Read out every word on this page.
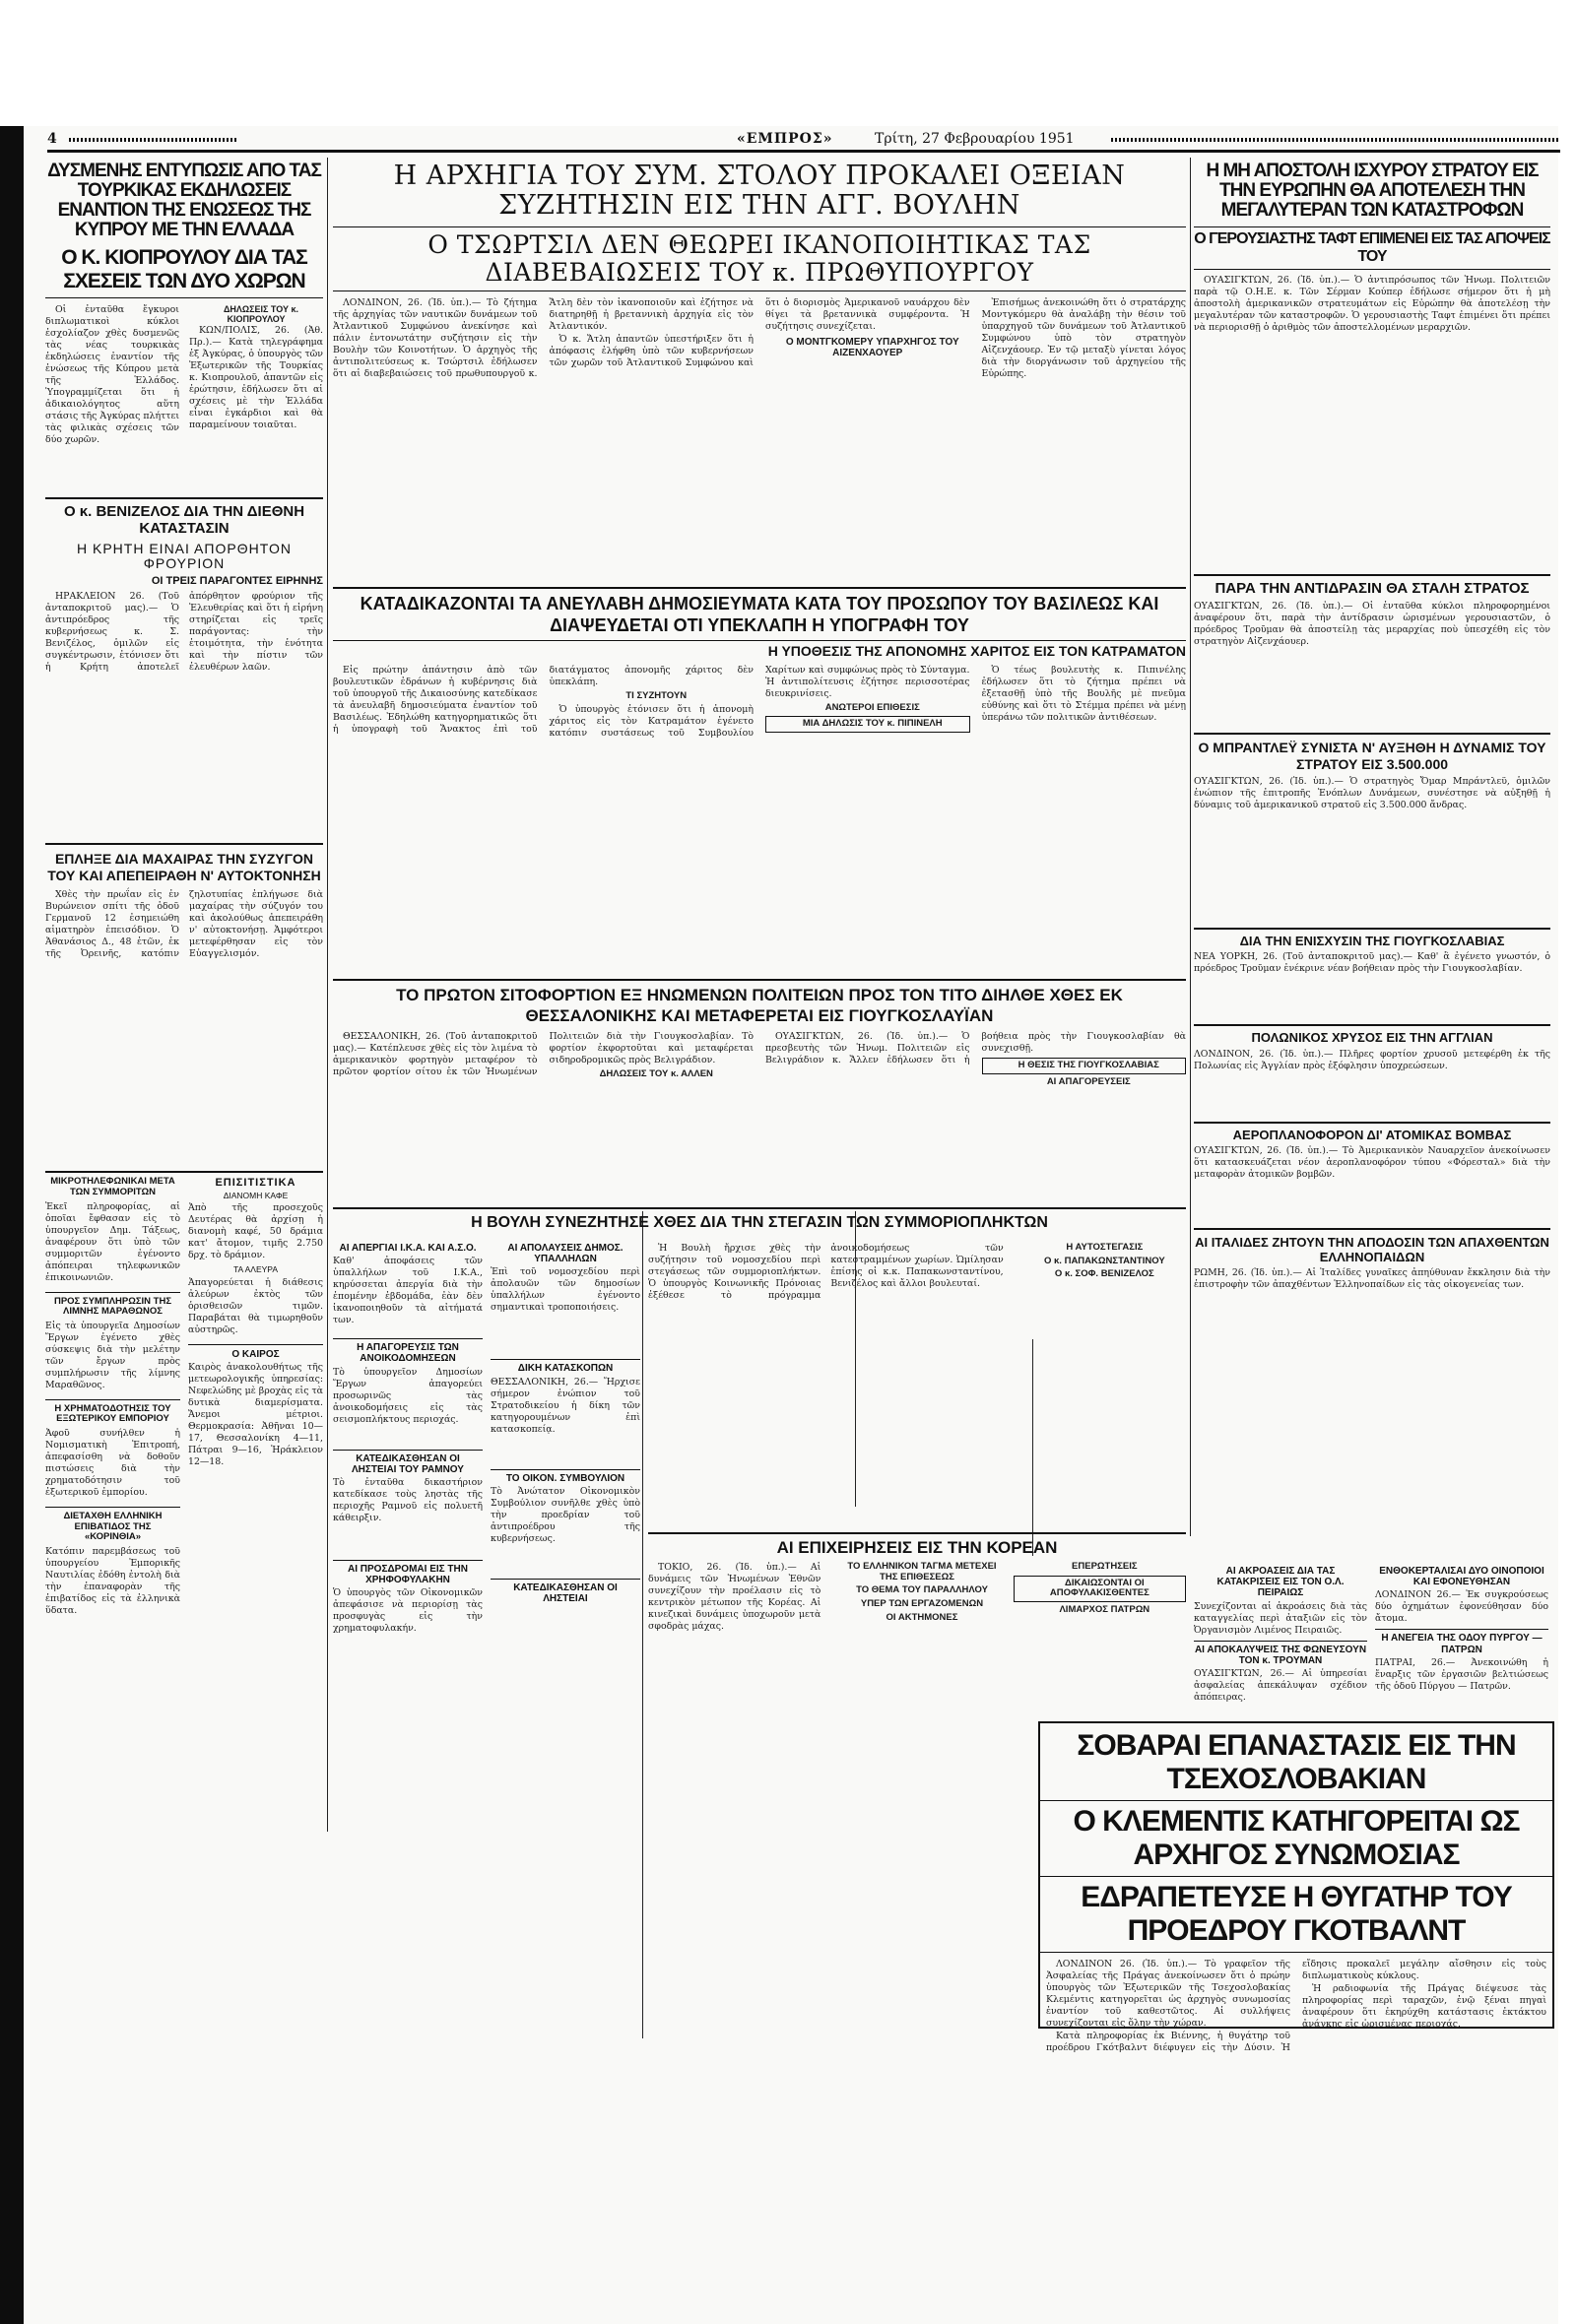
4	«ΕΜΠΡΟΣ»	Τρίτη, 27 Φεβρουαρίου 1951
ΔΥΣΜΕΝΗΣ ΕΝΤΥΠΩΣΙΣ ΑΠΟ ΤΑΣ ΤΟΥΡΚΙΚΑΣ ΕΚΔΗΛΩΣΕΙΣ ΕΝΑΝΤΙΟΝ ΤΗΣ ΕΝΩΣΕΩΣ ΤΗΣ ΚΥΠΡΟΥ ΜΕ ΤΗΝ ΕΛΛΑΔΑ
Ο Κ. ΚΙΟΠΡΟΥΛΟΥ ΔΙΑ ΤΑΣ ΣΧΕΣΕΙΣ ΤΩΝ ΔΥΟ ΧΩΡΩΝ

Οἱ ἐνταῦθα ἔγκυροι διπλωματικοὶ κύκλοι ἐσχολίαζον χθὲς δυσμενῶς τὰς νέας τουρκικὰς ἐκδηλώσεις ἐναντίον τῆς ἑνώσεως τῆς Κύπρου μετὰ τῆς Ἑλλάδος. Ὑπογραμμίζεται ὅτι ἡ ἀδικαιολόγητος αὕτη στάσις τῆς Ἀγκύρας πλήττει τὰς φιλικὰς σχέσεις τῶν δύο χωρῶν.

ΔΗΛΩΣΕΙΣ ΤΟΥ κ. ΚΙΟΠΡΟΥΛΟΥ

ΚΩΝ/ΠΟΛΙΣ, 26. (Ἀθ. Πρ.).— Κατὰ τηλεγράφημα ἐξ Ἀγκύρας, ὁ ὑπουργὸς τῶν Ἐξωτερικῶν τῆς Τουρκίας κ. Κιοπρουλοῦ, ἀπαντῶν εἰς ἐρώτησιν, ἐδήλωσεν ὅτι αἱ σχέσεις μὲ τὴν Ἑλλάδα εἶναι ἐγκάρδιοι καὶ θὰ παραμείνουν τοιαῦται.

Ο κ. ΒΕΝΙΖΕΛΟΣ ΔΙΑ ΤΗΝ ΔΙΕΘΝΗ ΚΑΤΑΣΤΑΣΙΝ
Η ΚΡΗΤΗ ΕΙΝΑΙ ΑΠΟΡΘΗΤΟΝ ΦΡΟΥΡΙΟΝ
ΟΙ ΤΡΕΙΣ ΠΑΡΑΓΟΝΤΕΣ ΕΙΡΗΝΗΣ

ΗΡΑΚΛΕΙΟΝ 26. (Τοῦ ἀνταποκριτοῦ μας).— Ὁ ἀντιπρόεδρος τῆς κυβερνήσεως κ. Σ. Βενιζέλος, ὁμιλῶν εἰς συγκέντρωσιν, ἐτόνισεν ὅτι ἡ Κρήτη ἀποτελεῖ ἀπόρθητον φρούριον τῆς Ἐλευθερίας καὶ ὅτι ἡ εἰρήνη στηρίζεται εἰς τρεῖς παράγοντας: τὴν ἑτοιμότητα, τὴν ἑνότητα καὶ τὴν πίστιν τῶν ἐλευθέρων λαῶν.

ΕΠΛΗΞΕ ΔΙΑ ΜΑΧΑΙΡΑΣ ΤΗΝ ΣΥΖΥΓΟΝ ΤΟΥ ΚΑΙ ΑΠΕΠΕΙΡΑΘΗ Ν' ΑΥΤΟΚΤΟΝΗΣΗ

Χθὲς τὴν πρωΐαν εἰς ἐν Βυρώνειον σπίτι τῆς ὁδοῦ Γερμανοῦ 12 ἐσημειώθη αἱματηρὸν ἐπεισόδιον. Ὁ Ἀθανάσιος Δ., 48 ἐτῶν, ἐκ τῆς Ὀρεινῆς, κατόπιν ζηλοτυπίας ἐπλήγωσε διὰ μαχαίρας τὴν σύζυγόν του καὶ ἀκολούθως ἀπεπειράθη ν' αὐτοκτονήσῃ. Ἀμφότεροι μετεφέρθησαν εἰς τὸν Εὐαγγελισμόν.

ΜΙΚΡΟΤΗΛΕΦΩΝΙΚΑΙ ΜΕΤΑ ΤΩΝ ΣΥΜΜΟΡΙΤΩΝ
Ἐκεῖ πληροφορίας, αἱ ὁποῖαι ἔφθασαν εἰς τὸ ὑπουργεῖον Δημ. Τάξεως, ἀναφέρουν ὅτι ὑπὸ τῶν συμμοριτῶν ἐγένοντο ἀπόπειραι τηλεφωνικῶν ἐπικοινωνιῶν.
ΠΡΟΣ ΣΥΜΠΛΗΡΩΣΙΝ ΤΗΣ ΛΙΜΝΗΣ ΜΑΡΑΘΩΝΟΣ
Εἰς τὰ ὑπουργεῖα Δημοσίων Ἔργων ἐγένετο χθὲς σύσκεψις διὰ τὴν μελέτην τῶν ἔργων πρὸς συμπλήρωσιν τῆς λίμνης Μαραθῶνος.
Η ΧΡΗΜΑΤΟΔΟΤΗΣΙΣ ΤΟΥ ΕΞΩΤΕΡΙΚΟΥ ΕΜΠΟΡΙΟΥ
Ἀφοῦ συνήλθεν ἡ Νομισματικὴ Ἐπιτροπή, ἀπεφασίσθη νὰ δοθοῦν πιστώσεις διὰ τὴν χρηματοδότησιν τοῦ ἐξωτερικοῦ ἐμπορίου.
ΔΙΕΤΑΧΘΗ ΕΛΛΗΝΙΚΗ ΕΠΙΒΑΤΙΔΟΣ ΤΗΣ «ΚΟΡΙΝΘΙΑ»
Κατόπιν παρεμβάσεως τοῦ ὑπουργείου Ἐμπορικῆς Ναυτιλίας ἐδόθη ἐντολὴ διὰ τὴν ἐπαναφορὰν τῆς ἐπιβατίδος εἰς τὰ ἑλληνικὰ ὕδατα.
ΕΠΙΣΙΤΙΣΤΙΚΑ
ΔΙΑΝΟΜΗ ΚΑΦΕ
Ἀπὸ τῆς προσεχοῦς Δευτέρας θὰ ἀρχίσῃ ἡ διανομὴ καφέ, 50 δράμια κατ' ἄτομον, τιμῆς 2.750 δρχ. τὸ δράμιον.
ΤΑ ΑΛΕΥΡΑ
Ἀπαγορεύεται ἡ διάθεσις ἀλεύρων ἐκτὸς τῶν ὁρισθεισῶν τιμῶν. Παραβάται θὰ τιμωρηθοῦν αὐστηρῶς.
Ο ΚΑΙΡΟΣ
Καιρὸς ἀνακολουθήτως τῆς μετεωρολογικῆς ὑπηρεσίας: Νεφελώδης μὲ βροχὰς εἰς τὰ δυτικὰ διαμερίσματα. Ἄνεμοι μέτριοι. Θερμοκρασία: Ἀθῆναι 10—17, Θεσσαλονίκη 4—11, Πάτραι 9—16, Ἡράκλειον 12—18.
Η ΑΡΧΗΓΙΑ ΤΟΥ ΣΥΜ. ΣΤΟΛΟΥ ΠΡΟΚΑΛΕΙ ΟΞΕΙΑΝ ΣΥΖΗΤΗΣΙΝ ΕΙΣ ΤΗΝ ΑΓΓ. ΒΟΥΛΗΝ
Ο ΤΣΩΡΤΣΙΛ ΔΕΝ ΘΕΩΡΕΙ ΙΚΑΝΟΠΟΙΗΤΙΚΑΣ ΤΑΣ ΔΙΑΒΕΒΑΙΩΣΕΙΣ ΤΟΥ κ. ΠΡΩΘΥΠΟΥΡΓΟΥ

ΛΟΝΔΙΝΟΝ, 26. (Ἰδ. ὑπ.).— Τὸ ζήτημα τῆς ἀρχηγίας τῶν ναυτικῶν δυνάμεων τοῦ Ἀτλαντικοῦ Συμφώνου ἀνεκίνησε καὶ πάλιν ἐντονωτάτην συζήτησιν εἰς τὴν Βουλὴν τῶν Κοινοτήτων. Ὁ ἀρχηγὸς τῆς ἀντιπολιτεύσεως κ. Τσώρτσιλ ἐδήλωσεν ὅτι αἱ διαβεβαιώσεις τοῦ πρωθυπουργοῦ κ. Ἄτλη δὲν τὸν ἱκανοποιοῦν καὶ ἐζήτησε νὰ διατηρηθῇ ἡ βρεταννικὴ ἀρχηγία εἰς τὸν Ἀτλαντικόν.

Ὁ κ. Ἄτλη ἀπαντῶν ὑπεστήριξεν ὅτι ἡ ἀπόφασις ἐλήφθη ὑπὸ τῶν κυβερνήσεων τῶν χωρῶν τοῦ Ἀτλαντικοῦ Συμφώνου καὶ ὅτι ὁ διορισμὸς Ἀμερικανοῦ ναυάρχου δὲν θίγει τὰ βρεταννικὰ συμφέροντα. Ἡ συζήτησις συνεχίζεται.

Ο ΜΟΝΤΓΚΟΜΕΡΥ ΥΠΑΡΧΗΓΟΣ ΤΟΥ ΑΙΖΕΝΧΑΟΥΕΡ

Ἐπισήμως ἀνεκοινώθη ὅτι ὁ στρατάρχης Μοντγκόμερυ θὰ ἀναλάβῃ τὴν θέσιν τοῦ ὑπαρχηγοῦ τῶν δυνάμεων τοῦ Ἀτλαντικοῦ Συμφώνου ὑπὸ τὸν στρατηγὸν Αἰζενχάουερ. Ἐν τῷ μεταξὺ γίνεται λόγος διὰ τὴν διοργάνωσιν τοῦ ἀρχηγείου τῆς Εὐρώπης.

Η ΜΗ ΑΠΟΣΤΟΛΗ ΙΣΧΥΡΟΥ ΣΤΡΑΤΟΥ ΕΙΣ ΤΗΝ ΕΥΡΩΠΗΝ ΘΑ ΑΠΟΤΕΛΕΣΗ ΤΗΝ ΜΕΓΑΛΥΤΕΡΑΝ ΤΩΝ ΚΑΤΑΣΤΡΟΦΩΝ
Ο ΓΕΡΟΥΣΙΑΣΤΗΣ ΤΑΦΤ ΕΠΙΜΕΝΕΙ ΕΙΣ ΤΑΣ ΑΠΟΨΕΙΣ ΤΟΥ

ΟΥΑΣΙΓΚΤΩΝ, 26. (Ἰδ. ὑπ.).— Ὁ ἀντιπρόσωπος τῶν Ἡνωμ. Πολιτειῶν παρὰ τῷ Ο.Η.Ε. κ. Τῶν Σέρμαν Κούπερ ἐδήλωσε σήμερον ὅτι ἡ μὴ ἀποστολὴ ἀμερικανικῶν στρατευμάτων εἰς Εὐρώπην θὰ ἀποτελέσῃ τὴν μεγαλυτέραν τῶν καταστροφῶν. Ὁ γερουσιαστὴς Ταφτ ἐπιμένει ὅτι πρέπει νὰ περιορισθῇ ὁ ἀριθμὸς τῶν ἀποστελλομένων μεραρχιῶν.

ΠΑΡΑ ΤΗΝ ΑΝΤΙΔΡΑΣΙΝ ΘΑ ΣΤΑΛΗ ΣΤΡΑΤΟΣ
ΟΥΑΣΙΓΚΤΩΝ, 26. (Ἰδ. ὑπ.).— Οἱ ἐνταῦθα κύκλοι πληροφορημένοι ἀναφέρουν ὅτι, παρὰ τὴν ἀντίδρασιν ὡρισμένων γερουσιαστῶν, ὁ πρόεδρος Τροῦμαν θὰ ἀποστείλῃ τὰς μεραρχίας ποὺ ὑπεσχέθη εἰς τὸν στρατηγὸν Αἰζενχάουερ.
Ο ΜΠΡΑΝΤΛΕΫ ΣΥΝΙΣΤΑ Ν' ΑΥΞΗΘΗ Η ΔΥΝΑΜΙΣ ΤΟΥ ΣΤΡΑΤΟΥ ΕΙΣ 3.500.000
ΟΥΑΣΙΓΚΤΩΝ, 26. (Ἰδ. ὑπ.).— Ὁ στρατηγὸς Ὄμαρ Μπράντλεϋ, ὁμιλῶν ἐνώπιον τῆς ἐπιτροπῆς Ἐνόπλων Δυνάμεων, συνέστησε νὰ αὐξηθῇ ἡ δύναμις τοῦ ἀμερικανικοῦ στρατοῦ εἰς 3.500.000 ἄνδρας.
ΔΙΑ ΤΗΝ ΕΝΙΣΧΥΣΙΝ ΤΗΣ ΓΙΟΥΓΚΟΣΛΑΒΙΑΣ
ΝΕΑ ΥΟΡΚΗ, 26. (Τοῦ ἀνταποκριτοῦ μας).— Καθ' ἃ ἐγένετο γνωστόν, ὁ πρόεδρος Τροῦμαν ἐνέκρινε νέαν βοήθειαν πρὸς τὴν Γιουγκοσλαβίαν.
ΠΟΛΩΝΙΚΟΣ ΧΡΥΣΟΣ ΕΙΣ ΤΗΝ ΑΓΓΛΙΑΝ
ΛΟΝΔΙΝΟΝ, 26. (Ἰδ. ὑπ.).— Πλῆρες φορτίον χρυσοῦ μετεφέρθη ἐκ τῆς Πολωνίας εἰς Ἀγγλίαν πρὸς ἐξόφλησιν ὑποχρεώσεων.
ΑΕΡΟΠΛΑΝΟΦΟΡΟΝ ΔΙ' ΑΤΟΜΙΚΑΣ ΒΟΜΒΑΣ
ΟΥΑΣΙΓΚΤΩΝ, 26. (Ἰδ. ὑπ.).— Τὸ Ἀμερικανικὸν Ναυαρχεῖον ἀνεκοίνωσεν ὅτι κατασκευάζεται νέον ἀεροπλανοφόρον τύπου «Φόρεσταλ» διὰ τὴν μεταφορὰν ἀτομικῶν βομβῶν.
ΑΙ ΙΤΑΛΙΔΕΣ ΖΗΤΟΥΝ ΤΗΝ ΑΠΟΔΟΣΙΝ ΤΩΝ ΑΠΑΧΘΕΝΤΩΝ ΕΛΛΗΝΟΠΑΙΔΩΝ
ΡΩΜΗ, 26. (Ἰδ. ὑπ.).— Αἱ Ἰταλίδες γυναῖκες ἀπηύθυναν ἔκκλησιν διὰ τὴν ἐπιστροφὴν τῶν ἀπαχθέντων Ἑλληνοπαίδων εἰς τὰς οἰκογενείας των.
ΚΑΤΑΔΙΚΑΖΟΝΤΑΙ ΤΑ ΑΝΕΥΛΑΒΗ ΔΗΜΟΣΙΕΥΜΑΤΑ ΚΑΤΑ ΤΟΥ ΠΡΟΣΩΠΟΥ ΤΟΥ ΒΑΣΙΛΕΩΣ ΚΑΙ ΔΙΑΨΕΥΔΕΤΑΙ ΟΤΙ ΥΠΕΚΛΑΠΗ Η ΥΠΟΓΡΑΦΗ ΤΟΥ
Η ΥΠΟΘΕΣΙΣ ΤΗΣ ΑΠΟΝΟΜΗΣ ΧΑΡΙΤΟΣ ΕΙΣ ΤΟΝ ΚΑΤΡΑΜΑΤΟΝ

Εἰς πρώτην ἀπάντησιν ἀπὸ τῶν βουλευτικῶν ἐδράνων ἡ κυβέρνησις διὰ τοῦ ὑπουργοῦ τῆς Δικαιοσύνης κατεδίκασε τὰ ἀνευλαβῆ δημοσιεύματα ἐναντίον τοῦ Βασιλέως. Ἐδηλώθη κατηγορηματικῶς ὅτι ἡ ὑπογραφὴ τοῦ Ἄνακτος ἐπὶ τοῦ διατάγματος ἀπονομῆς χάριτος δὲν ὑπεκλάπη.

ΤΙ ΣΥΖΗΤΟΥΝ

Ὁ ὑπουργὸς ἐτόνισεν ὅτι ἡ ἀπονομὴ χάριτος εἰς τὸν Κατραμάτον ἐγένετο κατόπιν συστάσεως τοῦ Συμβουλίου Χαρίτων καὶ συμφώνως πρὸς τὸ Σύνταγμα. Ἡ ἀντιπολίτευσις ἐζήτησε περισσοτέρας διευκρινίσεις.

ΑΝΩΤΕΡΟΙ ΕΠΙΘΕΣΙΣ

ΜΙΑ ΔΗΛΩΣΙΣ ΤΟΥ κ. ΠΙΠΙΝΕΛΗ

Ὁ τέως βουλευτὴς κ. Πιπινέλης ἐδήλωσεν ὅτι τὸ ζήτημα πρέπει νὰ ἐξετασθῇ ὑπὸ τῆς Βουλῆς μὲ πνεῦμα εὐθύνης καὶ ὅτι τὸ Στέμμα πρέπει νὰ μένῃ ὑπεράνω τῶν πολιτικῶν ἀντιθέσεων.

ΤΟ ΠΡΩΤΟΝ ΣΙΤΟΦΟΡΤΙΟΝ ΕΞ ΗΝΩΜΕΝΩΝ ΠΟΛΙΤΕΙΩΝ ΠΡΟΣ ΤΟΝ ΤΙΤΟ ΔΙΗΛΘΕ ΧΘΕΣ ΕΚ ΘΕΣΣΑΛΟΝΙΚΗΣ ΚΑΙ ΜΕΤΑΦΕΡΕΤΑΙ ΕΙΣ ΓΙΟΥΓΚΟΣΛΑΥΪΑΝ

ΘΕΣΣΑΛΟΝΙΚΗ, 26. (Τοῦ ἀνταποκριτοῦ μας).— Κατέπλευσε χθὲς εἰς τὸν λιμένα τὸ ἀμερικανικὸν φορτηγὸν μεταφέρον τὸ πρῶτον φορτίον σίτου ἐκ τῶν Ἡνωμένων Πολιτειῶν διὰ τὴν Γιουγκοσλαβίαν. Τὸ φορτίον ἐκφορτοῦται καὶ μεταφέρεται σιδηροδρομικῶς πρὸς Βελιγράδιον.

ΔΗΛΩΣΕΙΣ ΤΟΥ κ. ΑΛΛΕΝ

ΟΥΑΣΙΓΚΤΩΝ, 26. (Ἰδ. ὑπ.).— Ὁ πρεσβευτὴς τῶν Ἡνωμ. Πολιτειῶν εἰς Βελιγράδιον κ. Ἄλλεν ἐδήλωσεν ὅτι ἡ βοήθεια πρὸς τὴν Γιουγκοσλαβίαν θὰ συνεχισθῇ.

Η ΘΕΣΙΣ ΤΗΣ ΓΙΟΥΓΚΟΣΛΑΒΙΑΣ

ΑΙ ΑΠΑΓΟΡΕΥΣΕΙΣ

Η ΒΟΥΛΗ ΣΥΝΕΖΗΤΗΣΕ ΧΘΕΣ ΔΙΑ ΤΗΝ ΣΤΕΓΑΣΙΝ ΤΩΝ ΣΥΜΜΟΡΙΟΠΛΗΚΤΩΝ
ΑΙ ΑΠΕΡΓΙΑΙ Ι.Κ.Α. ΚΑΙ Α.Σ.Ο.
Καθ' ἀποφάσεις τῶν ὑπαλλήλων τοῦ Ι.Κ.Α., κηρύσσεται ἀπεργία διὰ τὴν ἐπομένην ἑβδομάδα, ἐὰν δὲν ἱκανοποιηθοῦν τὰ αἰτήματά των.
Η ΑΠΑΓΟΡΕΥΣΙΣ ΤΩΝ ΑΝΟΙΚΟΔΟΜΗΣΕΩΝ
Τὸ ὑπουργεῖον Δημοσίων Ἔργων ἀπαγορεύει προσωρινῶς τὰς ἀνοικοδομήσεις εἰς τὰς σεισμοπλήκτους περιοχάς.
ΚΑΤΕΔΙΚΑΣΘΗΣΑΝ ΟΙ ΛΗΣΤΕΙΑΙ ΤΟΥ ΡΑΜΝΟΥ
Τὸ ἐνταῦθα δικαστήριον κατεδίκασε τοὺς ληστὰς τῆς περιοχῆς Ραμνοῦ εἰς πολυετῆ κάθειρξιν.
ΑΙ ΠΡΟΣΔΡΟΜΑΙ ΕΙΣ ΤΗΝ ΧΡΗΦΟΦΥΛΑΚΗΝ
Ὁ ὑπουργὸς τῶν Οἰκονομικῶν ἀπεφάσισε νὰ περιορίσῃ τὰς προσφυγὰς εἰς τὴν χρηματοφυλακήν.
ΑΙ ΑΠΟΛΑΥΣΕΙΣ ΔΗΜΟΣ. ΥΠΑΛΛΗΛΩΝ
Ἐπὶ τοῦ νομοσχεδίου περὶ ἀπολαυῶν τῶν δημοσίων ὑπαλλήλων ἐγένοντο σημαντικαὶ τροποποιήσεις.
ΔΙΚΗ ΚΑΤΑΣΚΟΠΩΝ
ΘΕΣΣΑΛΟΝΙΚΗ, 26.— Ἤρχισε σήμερον ἐνώπιον τοῦ Στρατοδικείου ἡ δίκη τῶν κατηγορουμένων ἐπὶ κατασκοπείᾳ.
ΤΟ ΟΙΚΟΝ. ΣΥΜΒΟΥΛΙΟΝ
Τὸ Ἀνώτατον Οἰκονομικὸν Συμβούλιον συνῆλθε χθὲς ὑπὸ τὴν προεδρίαν τοῦ ἀντιπροέδρου τῆς κυβερνήσεως.
ΚΑΤΕΔΙΚΑΣΘΗΣΑΝ ΟΙ ΛΗΣΤΕΙΑΙ

Ἡ Βουλὴ ἤρχισε χθὲς τὴν συζήτησιν τοῦ νομοσχεδίου περὶ στεγάσεως τῶν συμμοριοπλήκτων. Ὁ ὑπουργὸς Κοινωνικῆς Πρόνοιας ἐξέθεσε τὸ πρόγραμμα ἀνοικοδομήσεως τῶν κατεστραμμένων χωρίων. Ὡμίλησαν ἐπίσης οἱ κ.κ. Παπακωνσταντίνου, Βενιζέλος καὶ ἄλλοι βουλευταί.

Η ΑΥΤΟΣΤΕΓΑΣΙΣ

Ο κ. ΠΑΠΑΚΩΝΣΤΑΝΤΙΝΟΥ

Ο κ. ΣΟΦ. ΒΕΝΙΖΕΛΟΣ

ΑΙ ΕΠΙΧΕΙΡΗΣΕΙΣ ΕΙΣ ΤΗΝ ΚΟΡΕΑΝ

ΤΟΚΙΟ, 26. (Ἰδ. ὑπ.).— Αἱ δυνάμεις τῶν Ἡνωμένων Ἐθνῶν συνεχίζουν τὴν προέλασιν εἰς τὸ κεντρικὸν μέτωπον τῆς Κορέας. Αἱ κινεζικαὶ δυνάμεις ὑποχωροῦν μετὰ σφοδρὰς μάχας.

ΤΟ ΕΛΛΗΝΙΚΟΝ ΤΑΓΜΑ ΜΕΤΕΧΕΙ ΤΗΣ ΕΠΙΘΕΣΕΩΣ

ΤΟ ΘΕΜΑ ΤΟΥ ΠΑΡΑΛΛΗΛΟΥ

ΥΠΕΡ ΤΩΝ ΕΡΓΑΖΟΜΕΝΩΝ

ΟΙ ΑΚΤΗΜΟΝΕΣ

ΕΠΕΡΩΤΗΣΕΙΣ

ΔΙΚΑΙΩΣΟΝΤΑΙ ΟΙ ΑΠΟΦΥΛΑΚΙΣΘΕΝΤΕΣ

ΛΙΜΑΡΧΟΣ ΠΑΤΡΩΝ

ΑΙ ΑΚΡΟΑΣΕΙΣ ΔΙΑ ΤΑΣ ΚΑΤΑΚΡΙΣΕΙΣ ΕΙΣ ΤΟΝ Ο.Λ. ΠΕΙΡΑΙΩΣ
Συνεχίζονται αἱ ἀκροάσεις διὰ τὰς καταγγελίας περὶ ἀταξιῶν εἰς τὸν Ὀργανισμὸν Λιμένος Πειραιῶς.
ΑΙ ΑΠΟΚΑΛΥΨΕΙΣ ΤΗΣ ΦΩΝΕΥΣΟΥΝ ΤΟΝ κ. ΤΡΟΥΜΑΝ
ΟΥΑΣΙΓΚΤΩΝ, 26.— Αἱ ὑπηρεσίαι ἀσφαλείας ἀπεκάλυψαν σχέδιον ἀπόπειρας.
ΕΝΘΟΚΕΡΤΑΛΙΣΑΙ ΔΥΟ ΟΙΝΟΠΟΙΟΙ ΚΑΙ ΕΦΟΝΕΥΘΗΣΑΝ
ΛΟΝΔΙΝΟΝ 26.— Ἐκ συγκρούσεως δύο ὀχημάτων ἐφονεύθησαν δύο ἄτομα.
Η ΑΝΕΓΕΙΑ ΤΗΣ ΟΔΟΥ ΠΥΡΓΟΥ — ΠΑΤΡΩΝ
ΠΑΤΡΑΙ, 26.— Ἀνεκοινώθη ἡ ἔναρξις τῶν ἐργασιῶν βελτιώσεως τῆς ὁδοῦ Πύργου — Πατρῶν.
ΣΟΒΑΡΑΙ ΕΠΑΝΑΣΤΑΣΙΣ ΕΙΣ ΤΗΝ ΤΣΕΧΟΣΛΟΒΑΚΙΑΝ
Ο ΚΛΕΜΕΝΤΙΣ ΚΑΤΗΓΟΡΕΙΤΑΙ ΩΣ ΑΡΧΗΓΟΣ ΣΥΝΩΜΟΣΙΑΣ
ΕΔΡΑΠΕΤΕΥΣΕ Η ΘΥΓΑΤΗΡ ΤΟΥ ΠΡΟΕΔΡΟΥ ΓΚΟΤΒΑΛΝΤ

ΛΟΝΔΙΝΟΝ 26. (Ἰδ. ὑπ.).— Τὸ γραφεῖον τῆς Ἀσφαλείας τῆς Πράγας ἀνεκοίνωσεν ὅτι ὁ πρώην ὑπουργὸς τῶν Ἐξωτερικῶν τῆς Τσεχοσλοβακίας Κλεμέντις κατηγορεῖται ὡς ἀρχηγὸς συνωμοσίας ἐναντίον τοῦ καθεστῶτος. Αἱ συλλήψεις συνεχίζονται εἰς ὅλην τὴν χώραν.

Κατὰ πληροφορίας ἐκ Βιέννης, ἡ θυγάτηρ τοῦ προέδρου Γκότβαλντ διέφυγεν εἰς τὴν Δύσιν. Ἡ εἴδησις προκαλεῖ μεγάλην αἴσθησιν εἰς τοὺς διπλωματικοὺς κύκλους.

Ἡ ραδιοφωνία τῆς Πράγας διέψευσε τὰς πληροφορίας περὶ ταραχῶν, ἐνῷ ξέναι πηγαὶ ἀναφέρουν ὅτι ἐκηρύχθη κατάστασις ἐκτάκτου ἀνάγκης εἰς ὡρισμένας περιοχάς.
